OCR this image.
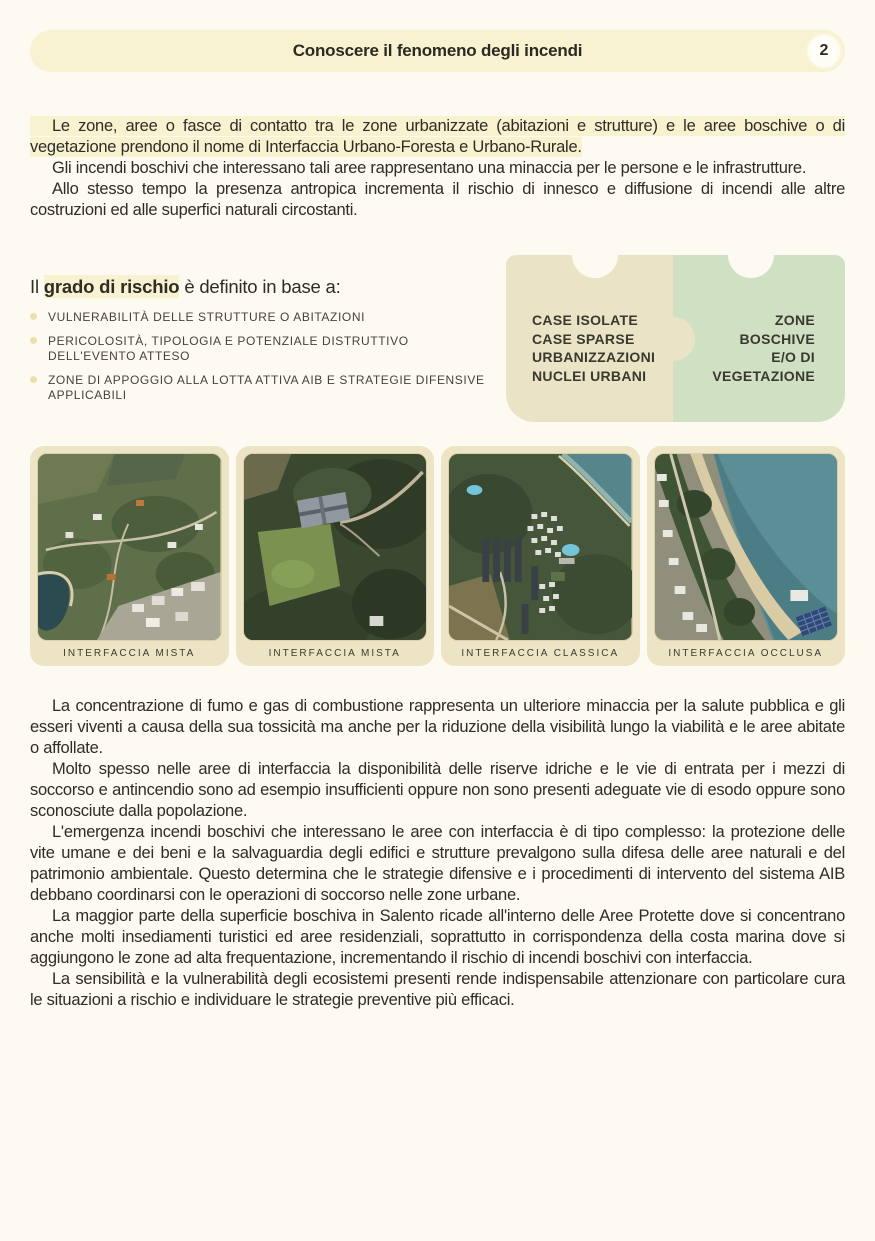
Conoscere il fenomeno degli incendi	2

Le zone, aree o fasce di contatto tra le zone urbanizzate (abitazioni e strutture) e le aree boschive o di vegetazione prendono il nome di Interfaccia Urbano-Foresta e Urbano-Rurale.

Gli incendi boschivi che interessano tali aree rappresentano una minaccia per le persone e le infrastrutture.

Allo stesso tempo la presenza antropica incrementa il rischio di innesco e diffusione di incendi alle altre costruzioni ed alle superfici naturali circostanti.

Il grado di rischio è definito in base a:
VULNERABILITÀ DELLE STRUTTURE O ABITAZIONI
PERICOLOSITÀ, TIPOLOGIA E POTENZIALE DISTRUTTIVO DELL'EVENTO ATTESO
ZONE DI APPOGGIO ALLA LOTTA ATTIVA AIB E STRATEGIE DIFENSIVE APPLICABILI
CASE ISOLATE
CASE SPARSE
URBANIZZAZIONI
NUCLEI URBANI
ZONE
BOSCHIVE
E/O DI
VEGETAZIONE
INTERFACCIA MISTA	INTERFACCIA MISTA	INTERFACCIA CLASSICA	INTERFACCIA OCCLUSA

La concentrazione di fumo e gas di combustione rappresenta un ulteriore minaccia per la salute pubblica e gli esseri viventi a causa della sua tossicità ma anche per la riduzione della visibilità lungo la viabilità e le aree abitate o affollate.

Molto spesso nelle aree di interfaccia la disponibilità delle riserve idriche e le vie di entrata per i mezzi di soccorso e antincendio sono ad esempio insufficienti oppure non sono presenti adeguate vie di esodo oppure sono sconosciute dalla popolazione.

L'emergenza incendi boschivi che interessano le aree con interfaccia è di tipo complesso: la protezione delle vite umane e dei beni e la salvaguardia degli edifici e strutture prevalgono sulla difesa delle aree naturali e del patrimonio ambientale. Questo determina che le strategie difensive e i procedimenti di intervento del sistema AIB debbano coordinarsi con le operazioni di soccorso nelle zone urbane.

La maggior parte della superficie boschiva in Salento ricade all'interno delle Aree Protette dove si concentrano anche molti insediamenti turistici ed aree residenziali, soprattutto in corrispondenza della costa marina dove si aggiungono le zone ad alta frequentazione, incrementando il rischio di incendi boschivi con interfaccia.

La sensibilità e la vulnerabilità degli ecosistemi presenti rende indispensabile attenzionare con particolare cura le situazioni a rischio e individuare le strategie preventive più efficaci.
